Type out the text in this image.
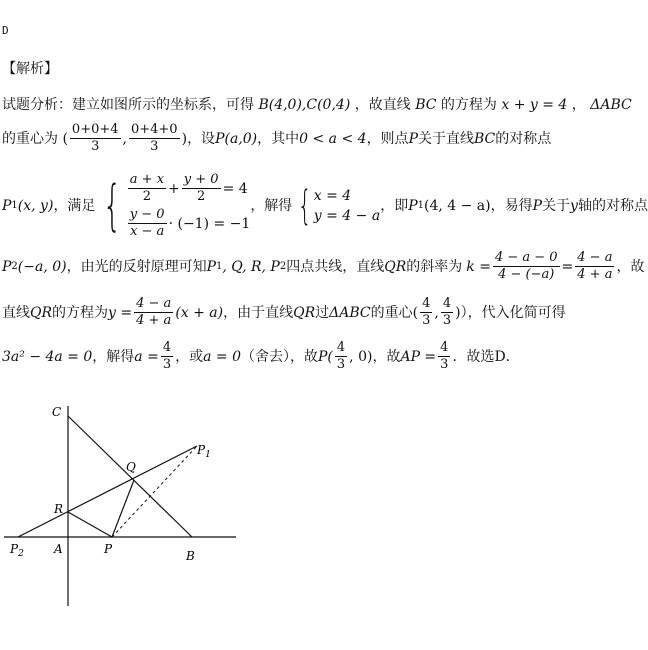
D
【解析】
试题分析：建立如图所示的坐标系，可得 B(4,0),C(0,4) ，故直线 BC 的方程为 x + y = 4 ， ΔABC
的重心为 ( $\frac{0+0+4}{3}$ , $\frac{0+4+0}{3}$ ) ，设 P(a,0) ，其中 0 < a < 4 ，则点 P 关于直线 BC 的对称点
P 1 (x, y) ，满足 { $\frac{a + x}{2} + \frac{y + 0}{2} = 4$
$\frac{y - 0}{x - a} \cdot (-1) = -1$
，解得 { x = 4
y = 4 − a
，即 P 1 (4, 4 − a) ，易得 P 关于 y 轴的对称点
P 2 (−a, 0) ，由光的反射原理可知 P 1 , Q, R, P 2 四点共线，直线 QR 的斜率为 $k = \frac{4 - a - 0}{4 - (-a)} = \frac{4 - a}{4 + a}$ ，故
直线 QR 的方程为 $y = \frac{4 - a}{4 + a} (x + a)$ ，由于直线 QR 过 ΔABC 的重心 ( $\frac{4}{3}$ , $\frac{4}{3}$ ) ），代入化简可得
3a² − 4a = 0 ，解得 $a = \frac{4}{3}$ ，或 a = 0 （舍去），故 $P( \frac{4}{3}$ , 0) ，故 AP = $\frac{4}{3}$ ．故选D．
C
Q
$P_1$
R
$P_2$	A	P	B
